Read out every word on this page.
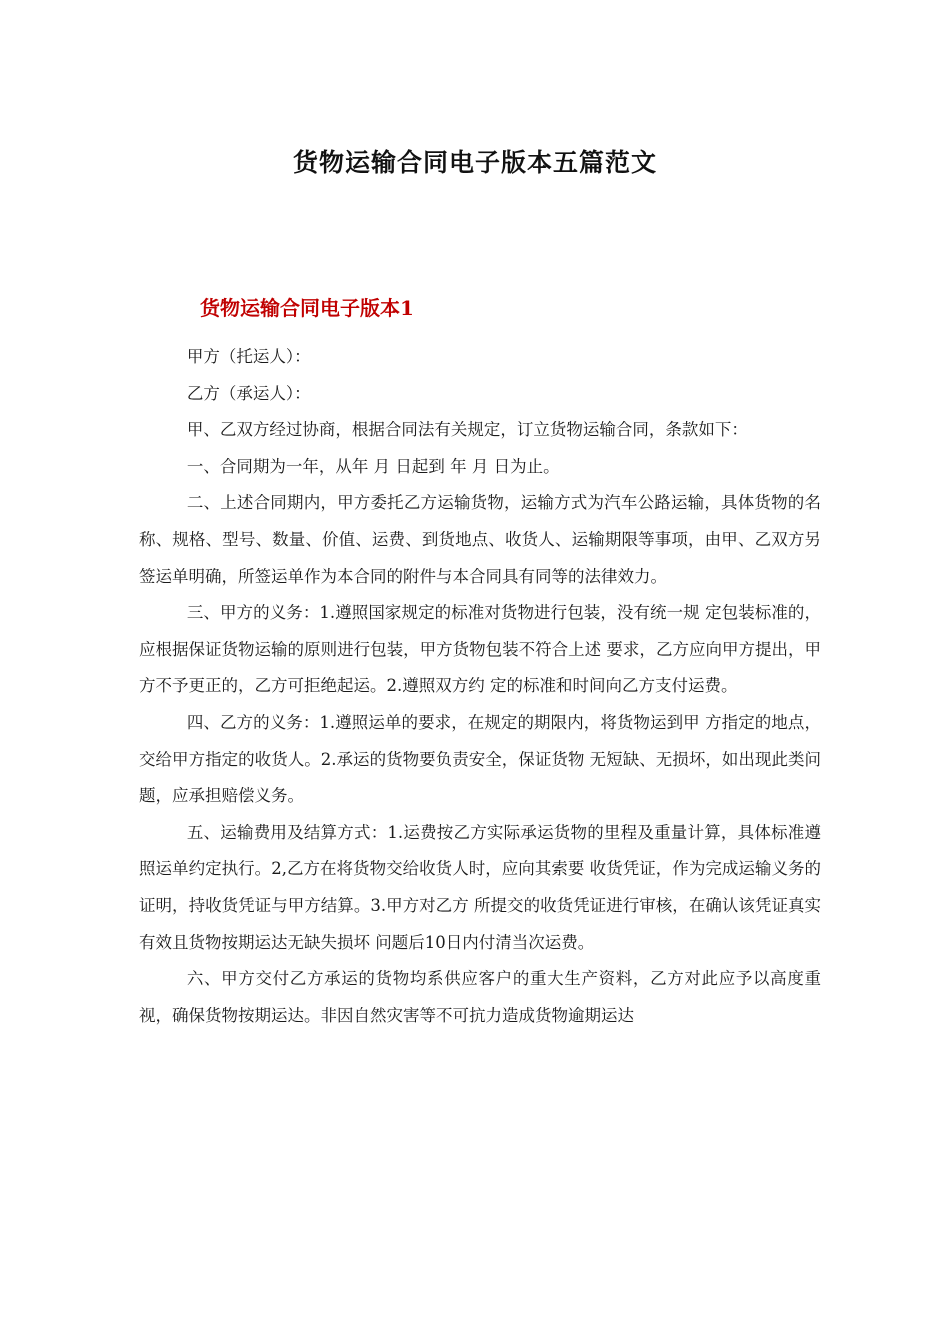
货物运输合同电子版本五篇范文
货物运输合同电子版本1

甲方（托运人）：

乙方（承运人）：

甲、乙双方经过协商，根据合同法有关规定，订立货物运输合同，条款如下：

一、合同期为一年，从年 月 日起到 年 月 日为止。

二、上述合同期内，甲方委托乙方运输货物，运输方式为汽车公路运输，具体货物的名称、规格、型号、数量、价值、运费、到货地点、收货人、运输期限等事项，由甲、乙双方另签运单明确，所签运单作为本合同的附件与本合同具有同等的法律效力。

三、甲方的义务：1.遵照国家规定的标准对货物进行包装，没有统一规 定包装标准的，应根据保证货物运输的原则进行包装，甲方货物包装不符合上述 要求，乙方应向甲方提出，甲方不予更正的，乙方可拒绝起运。2.遵照双方约 定的标准和时间向乙方支付运费。

四、乙方的义务：1.遵照运单的要求，在规定的期限内，将货物运到甲 方指定的地点，交给甲方指定的收货人。2.承运的货物要负责安全，保证货物 无短缺、无损坏，如出现此类问题，应承担赔偿义务。

五、运输费用及结算方式：1.运费按乙方实际承运货物的里程及重量计算，具体标准遵照运单约定执行。2,乙方在将货物交给收货人时，应向其索要 收货凭证，作为完成运输义务的证明，持收货凭证与甲方结算。3.甲方对乙方 所提交的收货凭证进行审核，在确认该凭证真实有效且货物按期运达无缺失损坏 问题后10日内付清当次运费。

六、甲方交付乙方承运的货物均系供应客户的重大生产资料，乙方对此应予以高度重视，确保货物按期运达。非因自然灾害等不可抗力造成货物逾期运达
